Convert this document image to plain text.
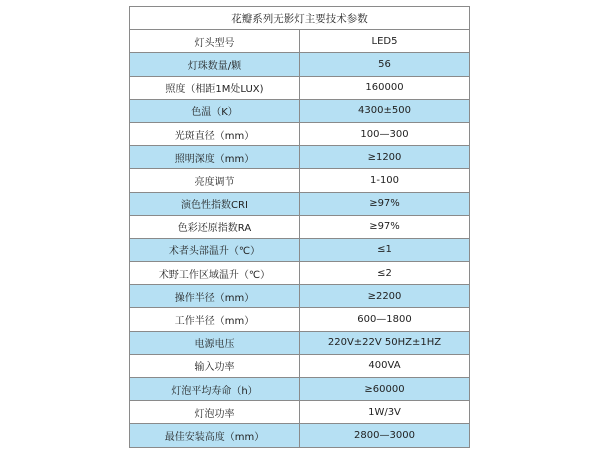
花瓣系列无影灯主要技术参数	
灯头型号	LED5
灯珠数量/颗	56
照度（相距1M处LUX)	160000
色温（K）	4300±500
光斑直径（mm）	100—300
照明深度（mm）	≥1200
亮度调节	1-100
演色性指数CRI	≥97%
色彩还原指数RA	≥97%
术者头部温升（℃）	≤1
术野工作区域温升（℃）	≤2
操作半径（mm）	≥2200
工作半径（mm）	600—1800
电源电压	220V±22V 50HZ±1HZ
输入功率	400VA
灯泡平均寿命（h）	≥60000
灯泡功率	1W/3V
最佳安装高度（mm）	2800—3000
